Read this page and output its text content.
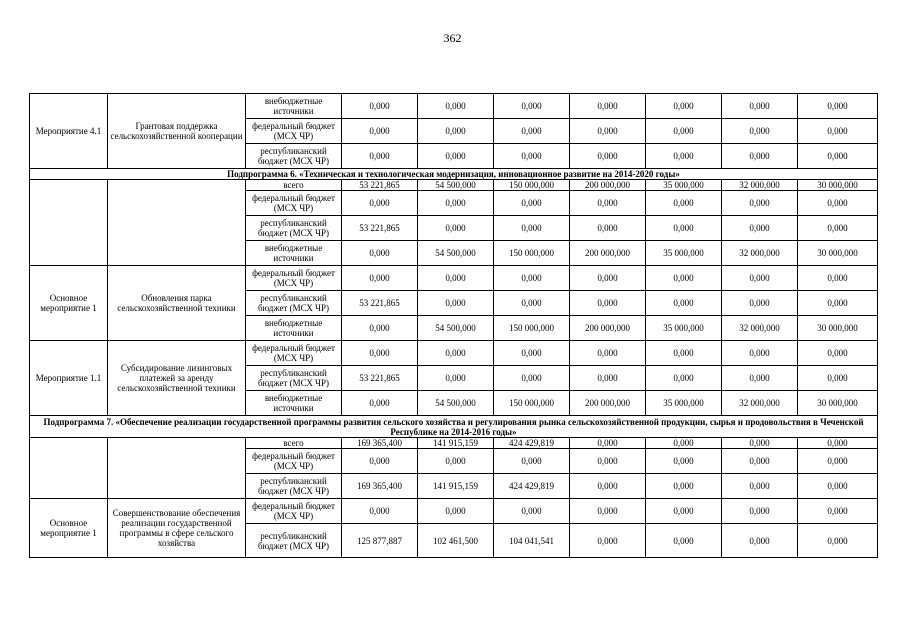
362
Мероприятие 4.1	Грантовая поддержка сельскохозяйственной кооперации	внебюджетные источники	0,000	0,000	0,000	0,000	0,000	0,000	0,000
		федеральный бюджет (МСХ ЧР)	0,000	0,000	0,000	0,000	0,000	0,000	0,000
		республиканский бюджет (МСХ ЧР)	0,000	0,000	0,000	0,000	0,000	0,000	0,000
Подпрограмма 6. «Техническая и технологическая модернизация, инновационное развитие на 2014-2020 годы»									
		всего	53 221,865	54 500,000	150 000,000	200 000,000	35 000,000	32 000,000	30 000,000
		федеральный бюджет (МСХ ЧР)	0,000	0,000	0,000	0,000	0,000	0,000	0,000
		республиканский бюджет (МСХ ЧР)	53 221,865	0,000	0,000	0,000	0,000	0,000	0,000
		внебюджетные источники	0,000	54 500,000	150 000,000	200 000,000	35 000,000	32 000,000	30 000,000
Основное мероприятие 1	Обновления парка сельскохозяйственной техники	федеральный бюджет (МСХ ЧР)	0,000	0,000	0,000	0,000	0,000	0,000	0,000
		республиканский бюджет (МСХ ЧР)	53 221,865	0,000	0,000	0,000	0,000	0,000	0,000
		внебюджетные источники	0,000	54 500,000	150 000,000	200 000,000	35 000,000	32 000,000	30 000,000
Мероприятие 1.1	Субсидирование лизинговых платежей за аренду сельскохозяйственной техники	федеральный бюджет (МСХ ЧР)	0,000	0,000	0,000	0,000	0,000	0,000	0,000
		республиканский бюджет (МСХ ЧР)	53 221,865	0,000	0,000	0,000	0,000	0,000	0,000
		внебюджетные источники	0,000	54 500,000	150 000,000	200 000,000	35 000,000	32 000,000	30 000,000
Подпрограмма 7. «Обеспечение реализации государственной программы развития сельского хозяйства и регулирования рынка сельскохозяйственной продукции, сырья и продовольствия в Чеченской Республике на 2014-2016 годы»									
		всего	169 365,400	141 915,159	424 429,819	0,000	0,000	0,000	0,000
		федеральный бюджет (МСХ ЧР)	0,000	0,000	0,000	0,000	0,000	0,000	0,000
		республиканский бюджет (МСХ ЧР)	169 365,400	141 915,159	424 429,819	0,000	0,000	0,000	0,000
Основное мероприятие 1	Совершенствование обеспечения реализации государственной программы в сфере сельского хозяйства	федеральный бюджет (МСХ ЧР)	0,000	0,000	0,000	0,000	0,000	0,000	0,000
		республиканский бюджет (МСХ ЧР)	125 877,887	102 461,500	104 041,541	0,000	0,000	0,000	0,000
